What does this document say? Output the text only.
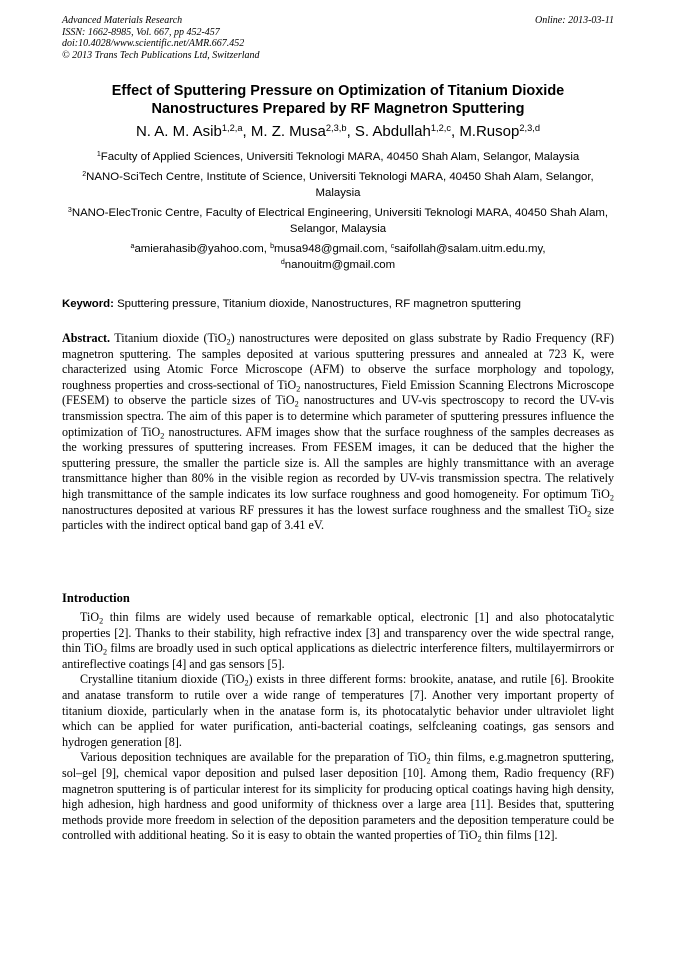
Advanced Materials Research
ISSN: 1662-8985, Vol. 667, pp 452-457
doi:10.4028/www.scientific.net/AMR.667.452
© 2013 Trans Tech Publications Ltd, Switzerland
Online: 2013-03-11
Effect of Sputtering Pressure on Optimization of Titanium Dioxide
Nanostructures Prepared by RF Magnetron Sputtering
N. A. M. Asib$^{1,2,a}$, M. Z. Musa$^{2,3,b}$, S. Abdullah$^{1,2,c}$, M.Rusop$^{2,3,d}$
$^1$Faculty of Applied Sciences, Universiti Teknologi MARA, 40450 Shah Alam, Selangor, Malaysia
$^2$NANO-SciTech Centre, Institute of Science, Universiti Teknologi MARA, 40450 Shah Alam, Selangor, Malaysia
$^3$NANO-ElecTronic Centre, Faculty of Electrical Engineering, Universiti Teknologi MARA, 40450 Shah Alam, Selangor, Malaysia
$^a$amierahasib@yahoo.com, $^b$musa948@gmail.com, $^c$saifollah@salam.uitm.edu.my,
$^d$nanouitm@gmail.com
Keyword: Sputtering pressure, Titanium dioxide, Nanostructures, RF magnetron sputtering
Abstract. Titanium dioxide (TiO$_2$) nanostructures were deposited on glass substrate by Radio Frequency (RF) magnetron sputtering. The samples deposited at various sputtering pressures and annealed at 723 K, were characterized using Atomic Force Microscope (AFM) to observe the surface morphology and topology, roughness properties and cross-sectional of TiO$_2$ nanostructures, Field Emission Scanning Electrons Microscope (FESEM) to observe the particle sizes of TiO$_2$ nanostructures and UV-vis spectroscopy to record the UV-vis transmission spectra. The aim of this paper is to determine which parameter of sputtering pressures influence the optimization of TiO$_2$ nanostructures. AFM images show that the surface roughness of the samples decreases as the working pressures of sputtering increases. From FESEM images, it can be deduced that the higher the sputtering pressure, the smaller the particle size is. All the samples are highly transmittance with an average transmittance higher than 80% in the visible region as recorded by UV-vis transmission spectra. The relatively high transmittance of the sample indicates its low surface roughness and good homogeneity. For optimum TiO$_2$ nanostructures deposited at various RF pressures it has the lowest surface roughness and the smallest TiO$_2$ size particles with the indirect optical band gap of 3.41 eV.
Introduction

TiO$_2$ thin films are widely used because of remarkable optical, electronic [1] and also photocatalytic properties [2]. Thanks to their stability, high refractive index [3] and transparency over the wide spectral range, thin TiO$_2$ films are broadly used in such optical applications as dielectric interference filters, multilayermirrors or antireflective coatings [4] and gas sensors [5].

Crystalline titanium dioxide (TiO$_2$) exists in three different forms: brookite, anatase, and rutile [6]. Brookite and anatase transform to rutile over a wide range of temperatures [7]. Another very important property of titanium dioxide, particularly when in the anatase form is, its photocatalytic behavior under ultraviolet light which can be applied for water purification, anti-bacterial coatings, selfcleaning coatings, gas sensors and hydrogen generation [8].

Various deposition techniques are available for the preparation of TiO$_2$ thin films, e.g.magnetron sputtering, sol–gel [9], chemical vapor deposition and pulsed laser deposition [10]. Among them, Radio frequency (RF) magnetron sputtering is of particular interest for its simplicity for producing optical coatings having high density, high adhesion, high hardness and good uniformity of thickness over a large area [11]. Besides that, sputtering methods provide more freedom in selection of the deposition parameters and the deposition temperature could be controlled with additional heating. So it is easy to obtain the wanted properties of TiO$_2$ thin films [12].
